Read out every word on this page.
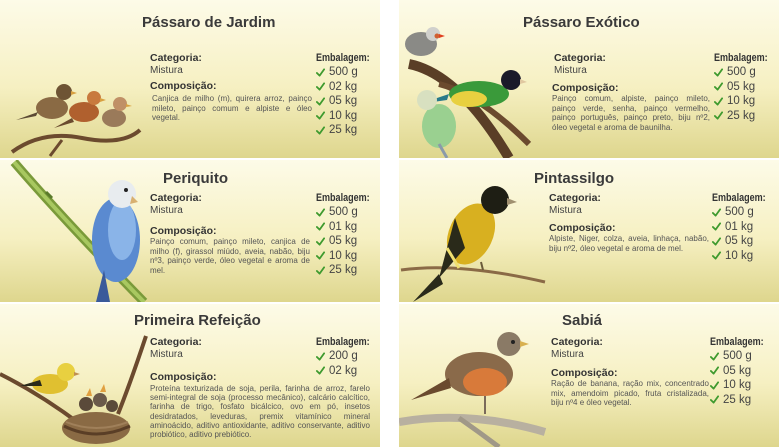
Pássaro de Jardim
Categoria:
Mistura
Composição:
Canjica de milho (m), quirera arroz, painço mileto, painço comum e alpiste e óleo vegetal.
Embalagem:
500 g
02 kg
05 kg
10 kg
25 kg
Pássaro Exótico
Categoria:
Mistura
Composição:
Painço comum, alpiste, painço mileto, painço verde, senha, painço vermelho, painço português, painço preto, biju nº2, óleo vegetal e aroma de baunilha.
Embalagem:
500 g
05 kg
10 kg
25 kg
Periquito
Categoria:
Mistura
Composição:
Painço comum, painço mileto, canjica de milho (f), girassol miúdo, aveia, nabão, biju nº3, painço verde, óleo vegetal e aroma de mel.
Embalagem:
500 g
01 kg
05 kg
10 kg
25 kg
Pintassilgo
Categoria:
Mistura
Composição:
Alpiste, Niger, colza, aveia, linhaça, nabão, biju nº2, óleo vegetal e aroma de mel.
Embalagem:
500 g
01 kg
05 kg
10 kg
Primeira Refeição
Categoria:
Mistura
Composição:
Proteína texturizada de soja, perila, farinha de arroz, farelo semi-integral de soja (processo mecânico), calcário calcítico, farinha de trigo, fosfato bicálcico, ovo em pó, insetos desidratados, leveduras, premix vitamínico mineral aminoácido, aditivo antioxidante, aditivo conservante, aditivo probiótico, aditivo prebiótico.
Embalagem:
200 g
02 kg
Sabiá
Categoria:
Mistura
Composição:
Ração de banana, ração mix, concentrado mix, amendoim picado, fruta cristalizada, biju nº4 e óleo vegetal.
Embalagem:
500 g
05 kg
10 kg
25 kg
